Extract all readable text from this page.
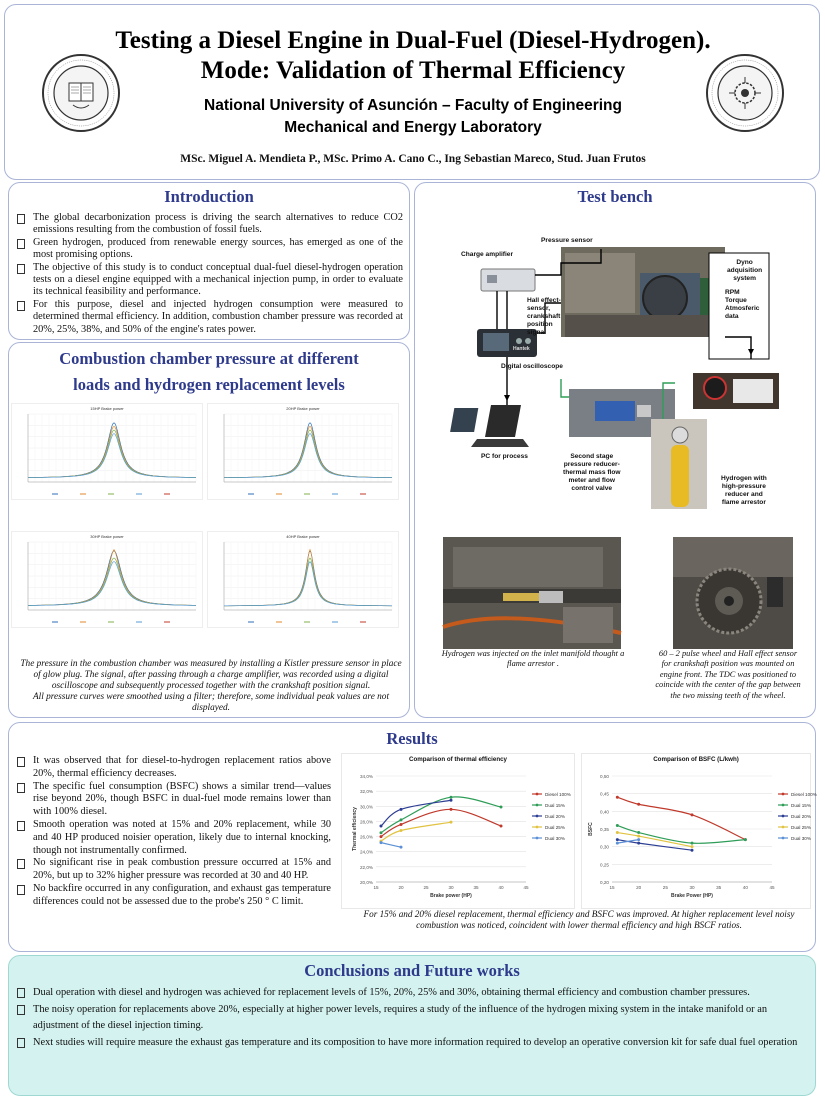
Testing a Diesel Engine in Dual-Fuel (Diesel-Hydrogen).
Mode: Validation of Thermal Efficiency
National University of Asunción – Faculty of Engineering
Mechanical and Energy Laboratory
MSc. Miguel A. Mendieta P., MSc. Primo A. Cano C., Ing Sebastian Mareco, Stud. Juan Frutos
Introduction
The global decarbonization process is driving the search alternatives to reduce CO2 emissions resulting from the combustion of fossil fuels.
Green hydrogen, produced from renewable energy sources, has emerged as one of the most promising options.
The objective of this study is to conduct conceptual dual-fuel diesel-hydrogen operation tests on a diesel engine equipped with a mechanical injection pump, in order to evaluate its technical feasibility and performance.
For this purpose, diesel and injected hydrogen consumption were measured to determined thermal efficiency. In addition, combustion chamber pressure was recorded at 20%, 25%, 38%, and 50% of the engine's rates power.
Combustion chamber pressure at different
loads and hydrogen replacement levels
15HP Brake power	20HP Brake power
30HP Brake power	40HP Brake power
The pressure in the combustion chamber was measured by installing a Kistler pressure sensor in place of glow plug. The signal, after passing through a charge amplifier, was recorded using a digital oscilloscope and subsequently processed together with the crankshaft position signal.
All pressure curves were smoothed using a filter; therefore, some individual peak values are not displayed.
Test bench
Pressure sensor
Charge amplifier
Hall effect-
sensor,
crankshaft
position
signal
Dyno
adquisition
system
RPM
Torque
Atmosferic
data
Digital oscilloscope
Hantek
PC for process	Second stage
pressure reducer-
thermal mass flow
meter and flow
control valve
Hydrogen with
high-pressure
reducer and
flame arrestor
Hydrogen was injected on the inlet manifold thought a flame arrestor .
60 – 2 pulse wheel and Hall effect sensor for crankshaft position was mounted on engine front. The TDC was positioned to coincide with the center of the gap between the two missing teeth of the wheel.
Results
It was observed that for diesel-to-hydrogen replacement ratios above 20%, thermal efficiency decreases.
The specific fuel consumption (BSFC) shows a similar trend—values rise beyond 20%, though BSFC in dual-fuel mode remains lower than with 100% diesel.
Smooth operation was noted at 15% and 20% replacement, while 30 and 40 HP produced noisier operation, likely due to internal knocking, though not instrumentally confirmed.
No significant rise in peak combustion pressure occurred at 15% and 20%, but up to 32% higher pressure was recorded at 30 and 40 HP.
No backfire occurred in any configuration, and exhaust gas temperature differences could not be assessed due to the probe's 250 ° C limit.
Comparison of thermal efficiency
20,0%
22,0%
24,0%
26,0%
28,0%
30,0%
32,0%
34,0%
15	20	25	30	35	40	45
Brake power (HP)
Thermal efficiency
Diesel 100%
Dual 15%
Dual 20%
Dual 25%
Dual 30%
Comparison of BSFC (L/kwh)
0,20
0,25
0,30
0,35
0,40
0,45
0,50
15	20	25	30	35	40	45
Brake Power (HP)
BSFC
Diesel 100%
Dual 15%
Dual 20%
Dual 25%
Dual 30%
For 15% and 20% diesel replacement, thermal efficiency and BSFC was improved. At higher replacement level noisy combustion was noticed, coincident with lower thermal efficiency and high BSCF ratios.
Conclusions and Future works
Dual operation with diesel and hydrogen was achieved for replacement levels of 15%, 20%, 25% and 30%, obtaining thermal efficiency and combustion chamber pressures.
The noisy operation for replacements above 20%, especially at higher power levels, requires a study of the influence of the hydrogen mixing system in the intake manifold or an adjustment of the diesel injection timing.
Next studies will require measure the exhaust gas temperature and its composition to have more information required to develop an operative conversion kit for safe dual fuel operation
